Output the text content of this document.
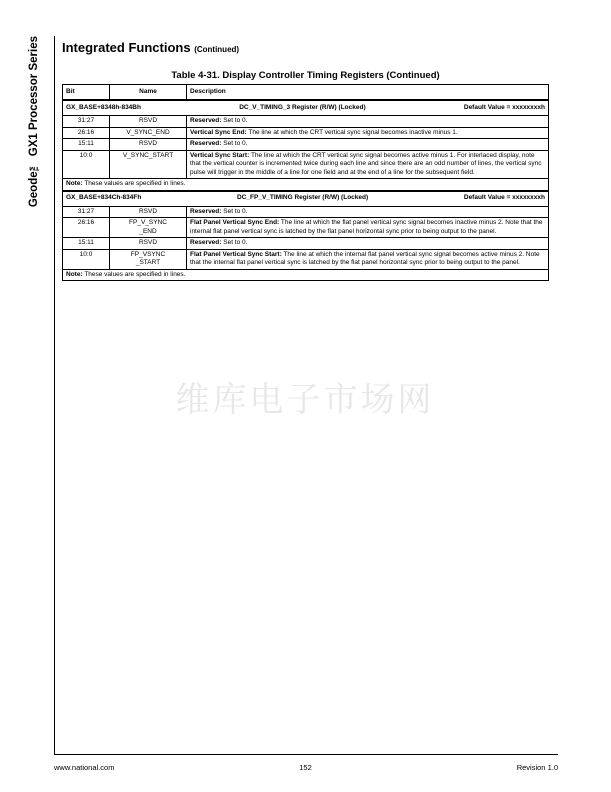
Geode™ GX1 Processor Series Integrated Functions (Continued)
Table 4-31. Display Controller Timing Registers (Continued)
Bit	Name	Description

GX_BASE+8348h-834Bh DC_V_TIMING_3 Register (R/W) (Locked) Default Value = xxxxxxxxh		

31:27	RSVD	Reserved: Set to 0.
26:16	V_SYNC_END	Vertical Sync End: The line at which the CRT vertical sync signal becomes inactive minus 1.
15:11	RSVD	Reserved: Set to 0.
10:0	V_SYNC_START	Vertical Sync Start: The line at which the CRT vertical sync signal becomes active minus 1. For interlaced display, note that the vertical counter is incremented twice during each line and since there are an odd number of lines, the vertical sync pulse will trigger in the middle of a line for one field and at the end of a line for the subsequent field.
Note: These values are specified in lines.		

GX_BASE+834Ch-834Fh DC_FP_V_TIMING Register (R/W) (Locked) Default Value = xxxxxxxxh		

31:27	RSVD	Reserved: Set to 0.
26:16	FP_V_SYNC
_END	Flat Panel Vertical Sync End: The line at which the flat panel vertical sync signal becomes inactive minus 2. Note that the internal flat panel vertical sync is latched by the flat panel horizontal sync prior to being output to the panel.
15:11	RSVD	Reserved: Set to 0.
10:0	FP_VSYNC
_START	Flat Panel Vertical Sync Start: The line at which the internal flat panel vertical sync signal becomes active minus 2. Note that the internal flat panel vertical sync is latched by the flat panel horizontal sync prior to being output to the panel.
Note: These values are specified in lines.		
维库电子市场网
www.national.com	152	Revision 1.0
